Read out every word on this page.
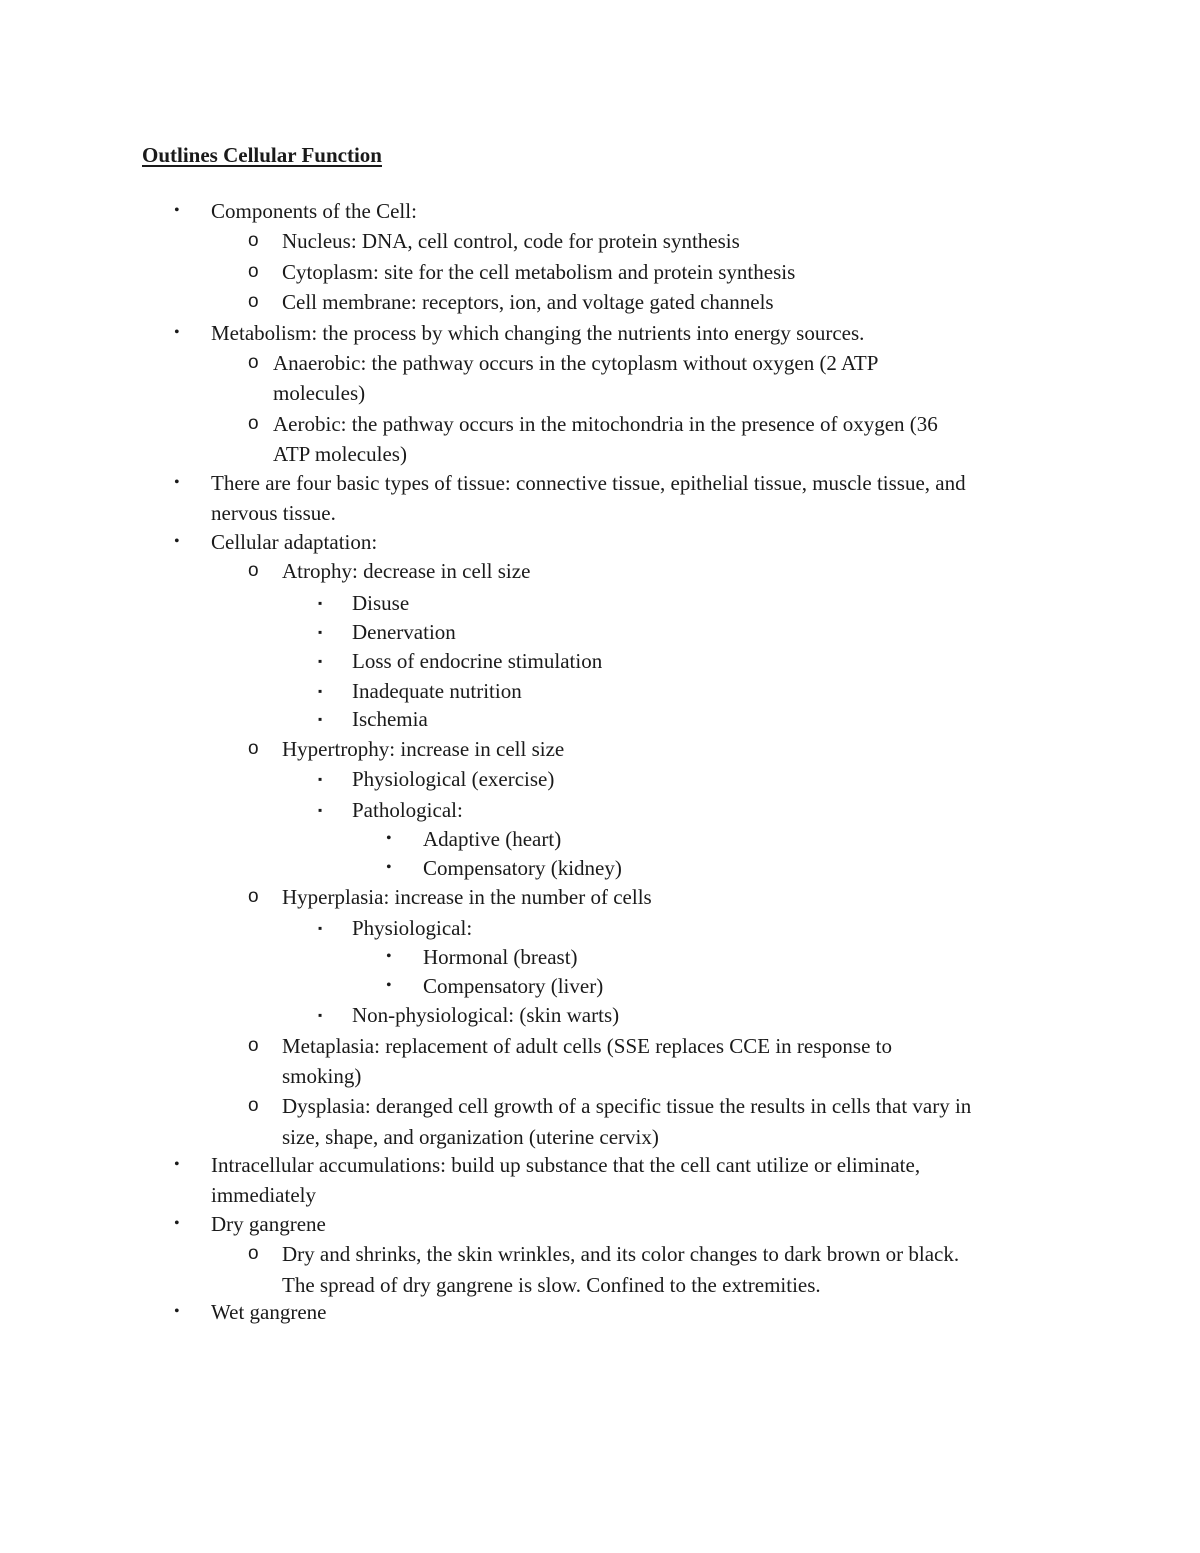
Outlines Cellular Function
• Components of the Cell:
o Nucleus: DNA, cell control, code for protein synthesis
o Cytoplasm: site for the cell metabolism and protein synthesis
o Cell membrane: receptors, ion, and voltage gated channels
• Metabolism: the process by which changing the nutrients into energy sources.
o Anaerobic: the pathway occurs in the cytoplasm without oxygen (2 ATP
molecules)
o Aerobic: the pathway occurs in the mitochondria in the presence of oxygen (36
ATP molecules)
• There are four basic types of tissue: connective tissue, epithelial tissue, muscle tissue, and
nervous tissue.
• Cellular adaptation:
o Atrophy: decrease in cell size
▪ Disuse
▪ Denervation
▪ Loss of endocrine stimulation
▪ Inadequate nutrition
▪ Ischemia
o Hypertrophy: increase in cell size
▪ Physiological (exercise)
▪ Pathological:
• Adaptive (heart)
• Compensatory (kidney)
o Hyperplasia: increase in the number of cells
▪ Physiological:
• Hormonal (breast)
• Compensatory (liver)
▪ Non-physiological: (skin warts)
o Metaplasia: replacement of adult cells (SSE replaces CCE in response to
smoking)
o Dysplasia: deranged cell growth of a specific tissue the results in cells that vary in
size, shape, and organization (uterine cervix)
• Intracellular accumulations: build up substance that the cell cant utilize or eliminate,
immediately
• Dry gangrene
o Dry and shrinks, the skin wrinkles, and its color changes to dark brown or black.
The spread of dry gangrene is slow. Confined to the extremities.
• Wet gangrene
